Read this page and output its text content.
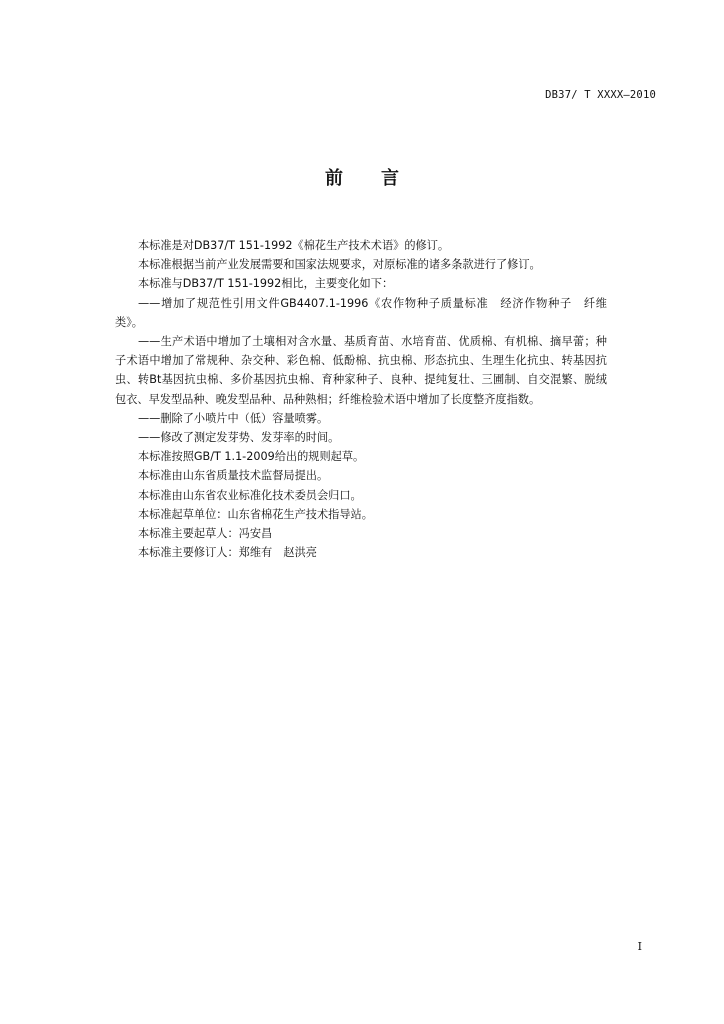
DB37/ T XXXX—2010
前 言

本标准是对DB37/T 151-1992《棉花生产技术术语》的修订。

本标准根据当前产业发展需要和国家法规要求，对原标准的诸多条款进行了修订。

本标准与DB37/T 151-1992相比，主要变化如下：

——增加了规范性引用文件GB4407.1-1996《农作物种子质量标准　经济作物种子　纤维类》。

——生产术语中增加了土壤相对含水量、基质育苗、水培育苗、优质棉、有机棉、摘早蕾；种子术语中增加了常规种、杂交种、彩色棉、低酚棉、抗虫棉、形态抗虫、生理生化抗虫、转基因抗虫、转Bt基因抗虫棉、多价基因抗虫棉、育种家种子、良种、提纯复壮、三圃制、自交混繁、脱绒包衣、早发型品种、晚发型品种、品种熟相；纤维检验术语中增加了长度整齐度指数。

——删除了小喷片中（低）容量喷雾。

——修改了测定发芽势、发芽率的时间。

本标准按照GB/T 1.1-2009给出的规则起草。

本标准由山东省质量技术监督局提出。

本标准由山东省农业标准化技术委员会归口。

本标准起草单位：山东省棉花生产技术指导站。

本标准主要起草人：冯安昌

本标准主要修订人：郑维有　赵洪亮

I
